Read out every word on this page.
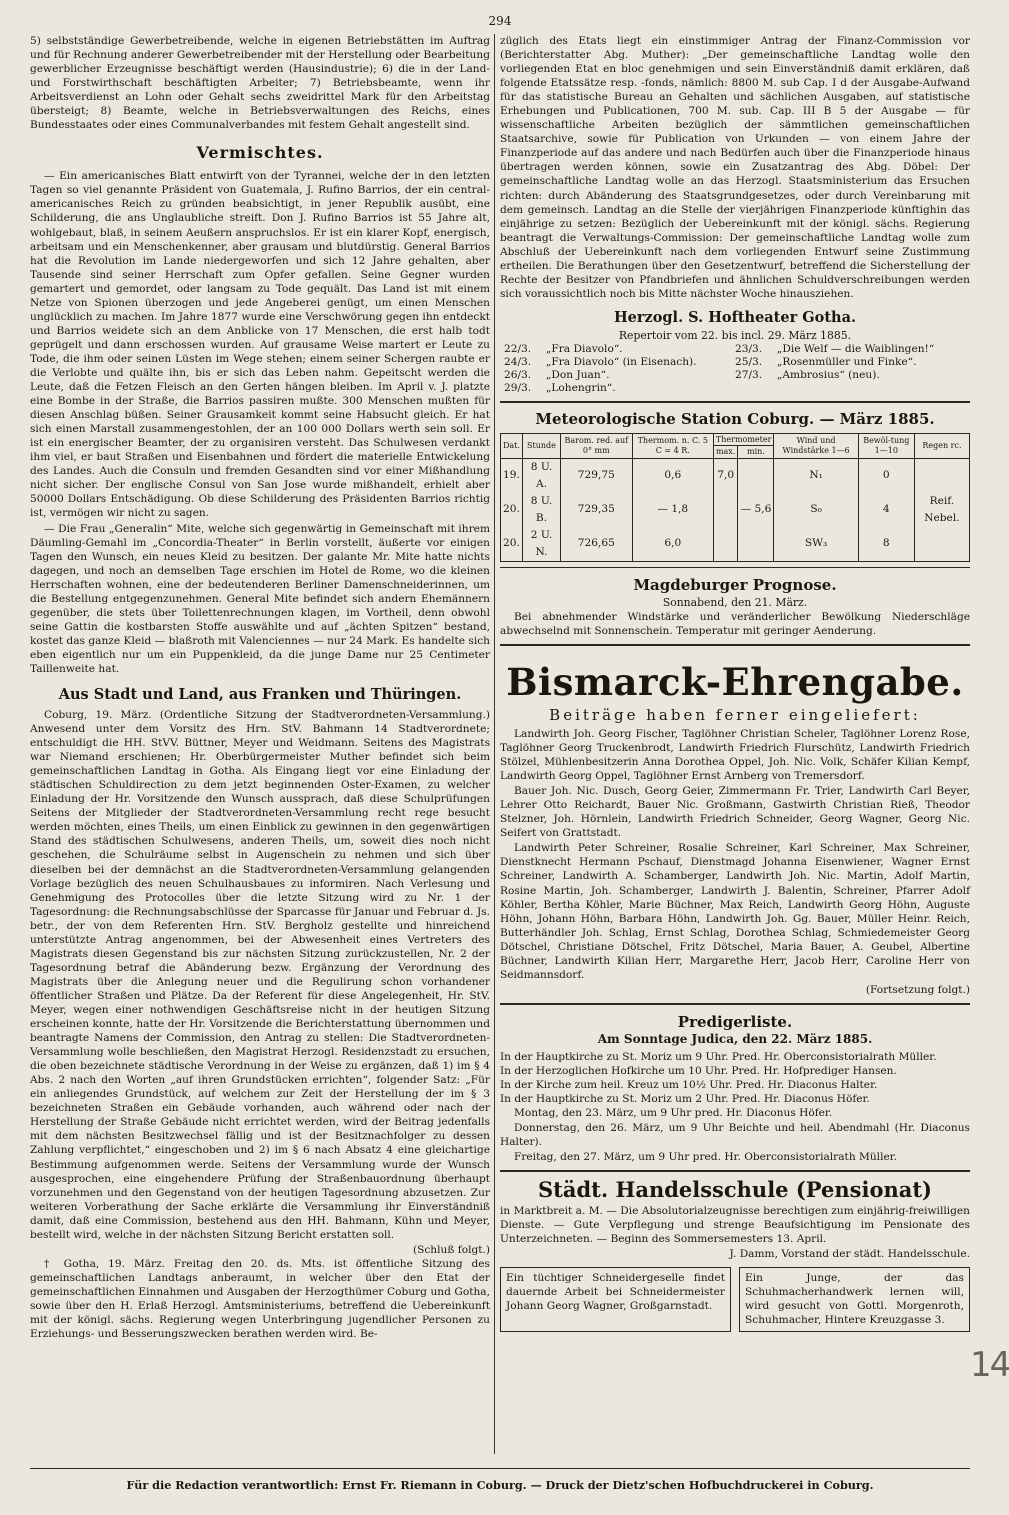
294

5) selbstständige Gewerbetreibende, welche in eigenen Betriebstätten im Auftrag und für Rechnung anderer Gewerbetreibender mit der Herstellung oder Bearbeitung gewerblicher Erzeugnisse beschäftigt werden (Hausindustrie); 6) die in der Land- und Forstwirthschaft beschäftigten Arbeiter; 7) Betriebsbeamte, wenn ihr Arbeitsverdienst an Lohn oder Gehalt sechs zweidrittel Mark für den Arbeitstag übersteigt; 8) Beamte, welche in Betriebsverwaltungen des Reichs, eines Bundesstaates oder eines Communalverbandes mit festem Gehalt angestellt sind.

Vermischtes.

— Ein americanisches Blatt entwirft von der Tyrannei, welche der in den letzten Tagen so viel genannte Präsident von Guatemala, J. Rufino Barrios, der ein central-americanisches Reich zu gründen beabsichtigt, in jener Republik ausübt, eine Schilderung, die ans Unglaubliche streift. Don J. Rufino Barrios ist 55 Jahre alt, wohlgebaut, blaß, in seinem Aeußern anspruchslos. Er ist ein klarer Kopf, energisch, arbeitsam und ein Menschenkenner, aber grausam und blutdürstig. General Barrios hat die Revolution im Lande niedergeworfen und sich 12 Jahre gehalten, aber Tausende sind seiner Herrschaft zum Opfer gefallen. Seine Gegner wurden gemartert und gemordet, oder langsam zu Tode gequält. Das Land ist mit einem Netze von Spionen überzogen und jede Angeberei genügt, um einen Menschen unglücklich zu machen. Im Jahre 1877 wurde eine Verschwörung gegen ihn entdeckt und Barrios weidete sich an dem Anblicke von 17 Menschen, die erst halb todt geprügelt und dann erschossen wurden. Auf grausame Weise martert er Leute zu Tode, die ihm oder seinen Lüsten im Wege stehen; einem seiner Schergen raubte er die Verlobte und quälte ihn, bis er sich das Leben nahm. Gepeitscht werden die Leute, daß die Fetzen Fleisch an den Gerten hängen bleiben. Im April v. J. platzte eine Bombe in der Straße, die Barrios passiren mußte. 300 Menschen mußten für diesen Anschlag büßen. Seiner Grausamkeit kommt seine Habsucht gleich. Er hat sich einen Marstall zusammengestohlen, der an 100 000 Dollars werth sein soll. Er ist ein energischer Beamter, der zu organisiren versteht. Das Schulwesen verdankt ihm viel, er baut Straßen und Eisenbahnen und fördert die materielle Entwickelung des Landes. Auch die Consuln und fremden Gesandten sind vor einer Mißhandlung nicht sicher. Der englische Consul von San Jose wurde mißhandelt, erhielt aber 50000 Dollars Entschädigung. Ob diese Schilderung des Präsidenten Barrios richtig ist, vermögen wir nicht zu sagen.

— Die Frau „Generalin“ Mite, welche sich gegenwärtig in Gemeinschaft mit ihrem Däumling-Gemahl im „Concordia-Theater“ in Berlin vorstellt, äußerte vor einigen Tagen den Wunsch, ein neues Kleid zu besitzen. Der galante Mr. Mite hatte nichts dagegen, und noch an demselben Tage erschien im Hotel de Rome, wo die kleinen Herrschaften wohnen, eine der bedeutenderen Berliner Damenschneiderinnen, um die Bestellung entgegenzunehmen. General Mite befindet sich andern Ehemännern gegenüber, die stets über Toilettenrechnungen klagen, im Vortheil, denn obwohl seine Gattin die kostbarsten Stoffe auswählte und auf „ächten Spitzen“ bestand, kostet das ganze Kleid — blaßroth mit Valenciennes — nur 24 Mark. Es handelte sich eben eigentlich nur um ein Puppenkleid, da die junge Dame nur 25 Centimeter Taillenweite hat.

Aus Stadt und Land, aus Franken und Thüringen.

Coburg, 19. März. (Ordentliche Sitzung der Stadtverordneten-Versammlung.) Anwesend unter dem Vorsitz des Hrn. StV. Bahmann 14 Stadtverordnete; entschuldigt die HH. StVV. Büttner, Meyer und Weidmann. Seitens des Magistrats war Niemand erschienen; Hr. Oberbürgermeister Muther befindet sich beim gemeinschaftlichen Landtag in Gotha. Als Eingang liegt vor eine Einladung der städtischen Schuldirection zu dem jetzt beginnenden Oster-Examen, zu welcher Einladung der Hr. Vorsitzende den Wunsch aussprach, daß diese Schulprüfungen Seitens der Mitglieder der Stadtverordneten-Versammlung recht rege besucht werden möchten, eines Theils, um einen Einblick zu gewinnen in den gegenwärtigen Stand des städtischen Schulwesens, anderen Theils, um, soweit dies noch nicht geschehen, die Schulräume selbst in Augenschein zu nehmen und sich über dieselben bei der demnächst an die Stadtverordneten-Versammlung gelangenden Vorlage bezüglich des neuen Schulhausbaues zu informiren. Nach Verlesung und Genehmigung des Protocolles über die letzte Sitzung wird zu Nr. 1 der Tagesordnung: die Rechnungsabschlüsse der Sparcasse für Januar und Februar d. Js. betr., der von dem Referenten Hrn. StV. Bergholz gestellte und hinreichend unterstützte Antrag angenommen, bei der Abwesenheit eines Vertreters des Magistrats diesen Gegenstand bis zur nächsten Sitzung zurückzustellen, Nr. 2 der Tagesordnung betraf die Abänderung bezw. Ergänzung der Verordnung des Magistrats über die Anlegung neuer und die Regulirung schon vorhandener öffentlicher Straßen und Plätze. Da der Referent für diese Angelegenheit, Hr. StV. Meyer, wegen einer nothwendigen Geschäftsreise nicht in der heutigen Sitzung erscheinen konnte, hatte der Hr. Vorsitzende die Berichterstattung übernommen und beantragte Namens der Commission, den Antrag zu stellen: Die Stadtverordneten-Versammlung wolle beschließen, den Magistrat Herzogl. Residenzstadt zu ersuchen, die oben bezeichnete städtische Verordnung in der Weise zu ergänzen, daß 1) im § 4 Abs. 2 nach den Worten „auf ihren Grundstücken errichten“, folgender Satz: „Für ein anliegendes Grundstück, auf welchem zur Zeit der Herstellung der im § 3 bezeichneten Straßen ein Gebäude vorhanden, auch während oder nach der Herstellung der Straße Gebäude nicht errichtet werden, wird der Beitrag jedenfalls mit dem nächsten Besitzwechsel fällig und ist der Besitznachfolger zu dessen Zahlung verpflichtet,“ eingeschoben und 2) im § 6 nach Absatz 4 eine gleichartige Bestimmung aufgenommen werde. Seitens der Versammlung wurde der Wunsch ausgesprochen, eine eingehendere Prüfung der Straßenbauordnung überhaupt vorzunehmen und den Gegenstand von der heutigen Tagesordnung abzusetzen. Zur weiteren Vorberathung der Sache erklärte die Versammlung ihr Einverständniß damit, daß eine Commission, bestehend aus den HH. Bahmann, Kühn und Meyer, bestellt wird, welche in der nächsten Sitzung Bericht erstatten soll.

(Schluß folgt.)

† Gotha, 19. März. Freitag den 20. ds. Mts. ist öffentliche Sitzung des gemeinschaftlichen Landtags anberaumt, in welcher über den Etat der gemeinschaftlichen Einnahmen und Ausgaben der Herzogthümer Coburg und Gotha, sowie über den H. Erlaß Herzogl. Amtsministeriums, betreffend die Uebereinkunft mit der königl. sächs. Regierung wegen Unterbringung jugendlicher Personen zu Erziehungs- und Besserungszwecken berathen werden wird. Be-

züglich des Etats liegt ein einstimmiger Antrag der Finanz-Commission vor (Berichterstatter Abg. Muther): „Der gemeinschaftliche Landtag wolle den vorliegenden Etat en bloc genehmigen und sein Einverständniß damit erklären, daß folgende Etatssätze resp. -fonds, nämlich: 8800 M. sub Cap. I d der Ausgabe-Aufwand für das statistische Bureau an Gehalten und sächlichen Ausgaben, auf statistische Erhebungen und Publicationen, 700 M. sub. Cap. III B 5 der Ausgabe — für wissenschaftliche Arbeiten bezüglich der sämmtlichen gemeinschaftlichen Staatsarchive, sowie für Publication von Urkunden — von einem Jahre der Finanzperiode auf das andere und nach Bedürfen auch über die Finanzperiode hinaus übertragen werden können, sowie ein Zusatzantrag des Abg. Döbel: Der gemeinschaftliche Landtag wolle an das Herzogl. Staatsministerium das Ersuchen richten: durch Abänderung des Staatsgrundgesetzes, oder durch Vereinbarung mit dem gemeinsch. Landtag an die Stelle der vierjährigen Finanzperiode künftighin das einjährige zu setzen: Bezüglich der Uebereinkunft mit der königl. sächs. Regierung beantragt die Verwaltungs-Commission: Der gemeinschaftliche Landtag wolle zum Abschluß der Uebereinkunft nach dem vorliegenden Entwurf seine Zustimmung ertheilen. Die Berathungen über den Gesetzentwurf, betreffend die Sicherstellung der Rechte der Besitzer von Pfandbriefen und ähnlichen Schuldverschreibungen werden sich voraussichtlich noch bis Mitte nächster Woche hinausziehen.

Herzogl. S. Hoftheater Gotha.
Repertoir vom 22. bis incl. 29. März 1885.
22/3.	„Fra Diavolo“.	23/3.	„Die Welf — die Waiblingen!“
24/3.	„Fra Diavolo“ (in Eisenach).	25/3.	„Rosenmüller und Finke“.
26/3.	„Don Juan“.	27/3.	„Ambrosius“ (neu).
29/3.	„Lohengrin“.		
Meteorologische Station Coburg. — März 1885.
Dat.	Stunde	Barom. red. auf 0° mm	Thermom. n. C. 5 C = 4 R.	Thermometer		Wind und Windstärke 1—6	Bewöl-tung 1—10	Regen rc.
				max.	min.			
19.	8 U. A.	729,75	0,6	7,0		N₁	0	
20.	8 U. B.	729,35	— 1,8		— 5,6	S₀	4	Reif. Nebel.
20.	2 U. N.	726,65	6,0			SW₃	8	
Magdeburger Prognose.
Sonnabend, den 21. März.

Bei abnehmender Windstärke und veränderlicher Bewölkung Niederschläge abwechselnd mit Sonnenschein. Temperatur mit geringer Aenderung.

Bismarck-Ehrengabe.
Beiträge haben ferner eingeliefert:

Landwirth Joh. Georg Fischer, Taglöhner Christian Scheler, Taglöhner Lorenz Rose, Taglöhner Georg Truckenbrodt, Landwirth Friedrich Flurschütz, Landwirth Friedrich Stölzel, Mühlenbesitzerin Anna Dorothea Oppel, Joh. Nic. Volk, Schäfer Kilian Kempf, Landwirth Georg Oppel, Taglöhner Ernst Arnberg von Tremersdorf.

Bauer Joh. Nic. Dusch, Georg Geier, Zimmermann Fr. Trier, Landwirth Carl Beyer, Lehrer Otto Reichardt, Bauer Nic. Großmann, Gastwirth Christian Rieß, Theodor Stelzner, Joh. Hörnlein, Landwirth Friedrich Schneider, Georg Wagner, Georg Nic. Seifert von Grattstadt.

Landwirth Peter Schreiner, Rosalie Schreiner, Karl Schreiner, Max Schreiner, Dienstknecht Hermann Pschauf, Dienstmagd Johanna Eisenwiener, Wagner Ernst Schreiner, Landwirth A. Schamberger, Landwirth Joh. Nic. Martin, Adolf Martin, Rosine Martin, Joh. Schamberger, Landwirth J. Balentin, Schreiner, Pfarrer Adolf Köhler, Bertha Köhler, Marie Büchner, Max Reich, Landwirth Georg Höhn, Auguste Höhn, Johann Höhn, Barbara Höhn, Landwirth Joh. Gg. Bauer, Müller Heinr. Reich, Butterhändler Joh. Schlag, Ernst Schlag, Dorothea Schlag, Schmiedemeister Georg Dötschel, Christiane Dötschel, Fritz Dötschel, Maria Bauer, A. Geubel, Albertine Büchner, Landwirth Kilian Herr, Margarethe Herr, Jacob Herr, Caroline Herr von Seidmannsdorf.

(Fortsetzung folgt.)
Predigerliste.
Am Sonntage Judica, den 22. März 1885.

In der Hauptkirche zu St. Moriz um 9 Uhr. Pred. Hr. Oberconsistorialrath Müller.

In der Herzoglichen Hofkirche um 10 Uhr. Pred. Hr. Hofprediger Hansen.

In der Kirche zum heil. Kreuz um 10½ Uhr. Pred. Hr. Diaconus Halter.

In der Hauptkirche zu St. Moriz um 2 Uhr. Pred. Hr. Diaconus Höfer.

Montag, den 23. März, um 9 Uhr pred. Hr. Diaconus Höfer.

Donnerstag, den 26. März, um 9 Uhr Beichte und heil. Abendmahl (Hr. Diaconus Halter).

Freitag, den 27. März, um 9 Uhr pred. Hr. Oberconsistorialrath Müller.

Städt. Handelsschule (Pensionat)

in Marktbreit a. M. — Die Absolutorialzeugnisse berechtigen zum einjährig-freiwilligen Dienste. — Gute Verpflegung und strenge Beaufsichtigung im Pensionate des Unterzeichneten. — Beginn des Sommersemesters 13. April.

J. Damm, Vorstand der städt. Handelsschule.

Ein tüchtiger Schneidergeselle findet dauernde Arbeit bei Schneidermeister Johann Georg Wagner, Großgarnstadt.

Ein Junge, der das Schuhmacherhandwerk lernen will, wird gesucht von Gottl. Morgenroth, Schuhmacher, Hintere Kreuzgasse 3.

14
Für die Redaction verantwortlich: Ernst Fr. Riemann in Coburg. — Druck der Dietz'schen Hofbuchdruckerei in Coburg.
